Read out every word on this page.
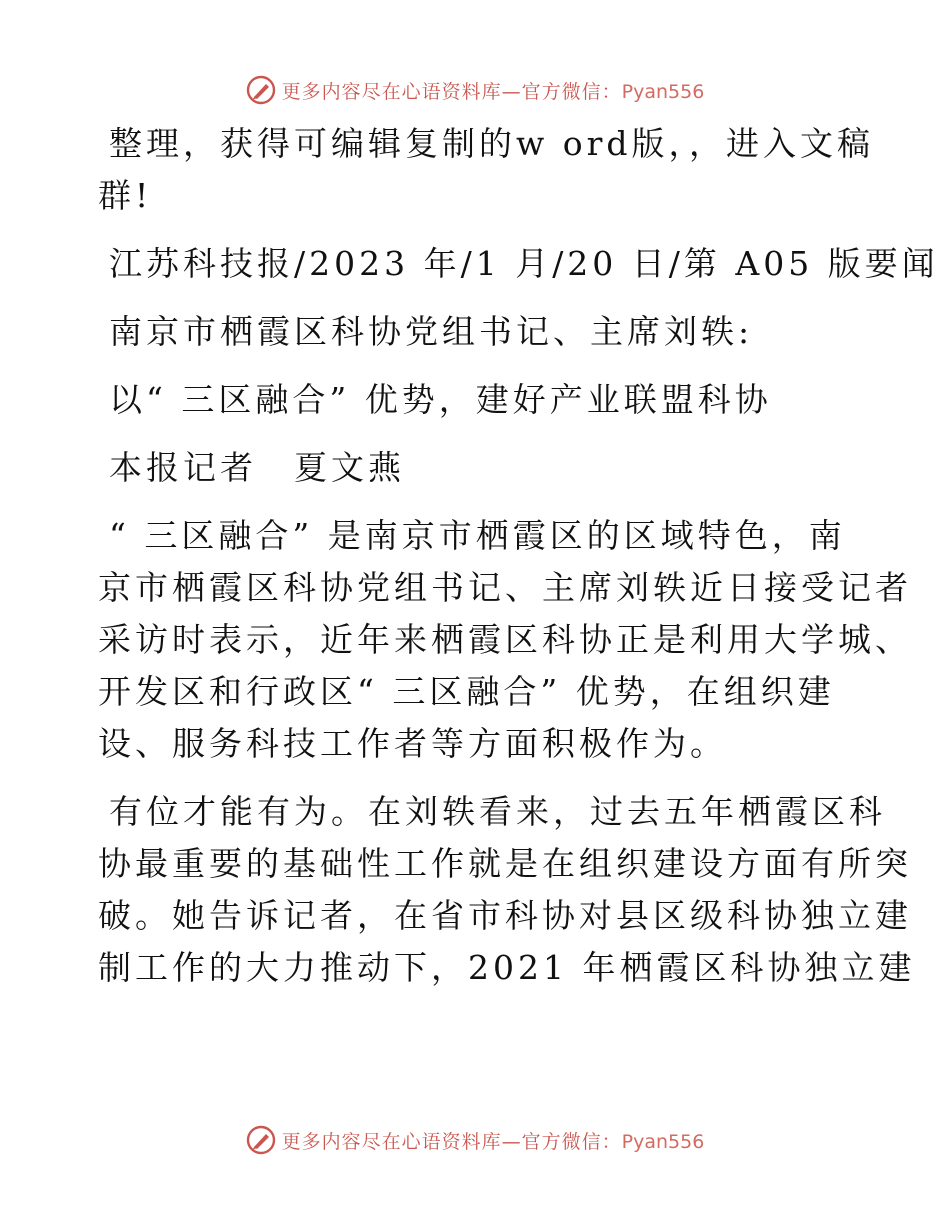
更多内容尽在心语资料库—官方微信：Pyan556
整理，获得可编辑复制的w ord版，，进入文稿
群!
江苏科技报/2023 年/1 月/20 日/第 A05 版要闻
南京市栖霞区科协党组书记、主席刘轶:
以“ 三区融合” 优势，建好产业联盟科协
本报记者　夏文燕
“ 三区融合” 是南京市栖霞区的区域特色，南
京市栖霞区科协党组书记、主席刘轶近日接受记者
采访时表示，近年来栖霞区科协正是利用大学城、
开发区和行政区“ 三区融合” 优势，在组织建
设、服务科技工作者等方面积极作为。
有位才能有为。在刘轶看来，过去五年栖霞区科
协最重要的基础性工作就是在组织建设方面有所突
破。她告诉记者，在省市科协对县区级科协独立建
制工作的大力推动下，2021 年栖霞区科协独立建
更多内容尽在心语资料库—官方微信：Pyan556
